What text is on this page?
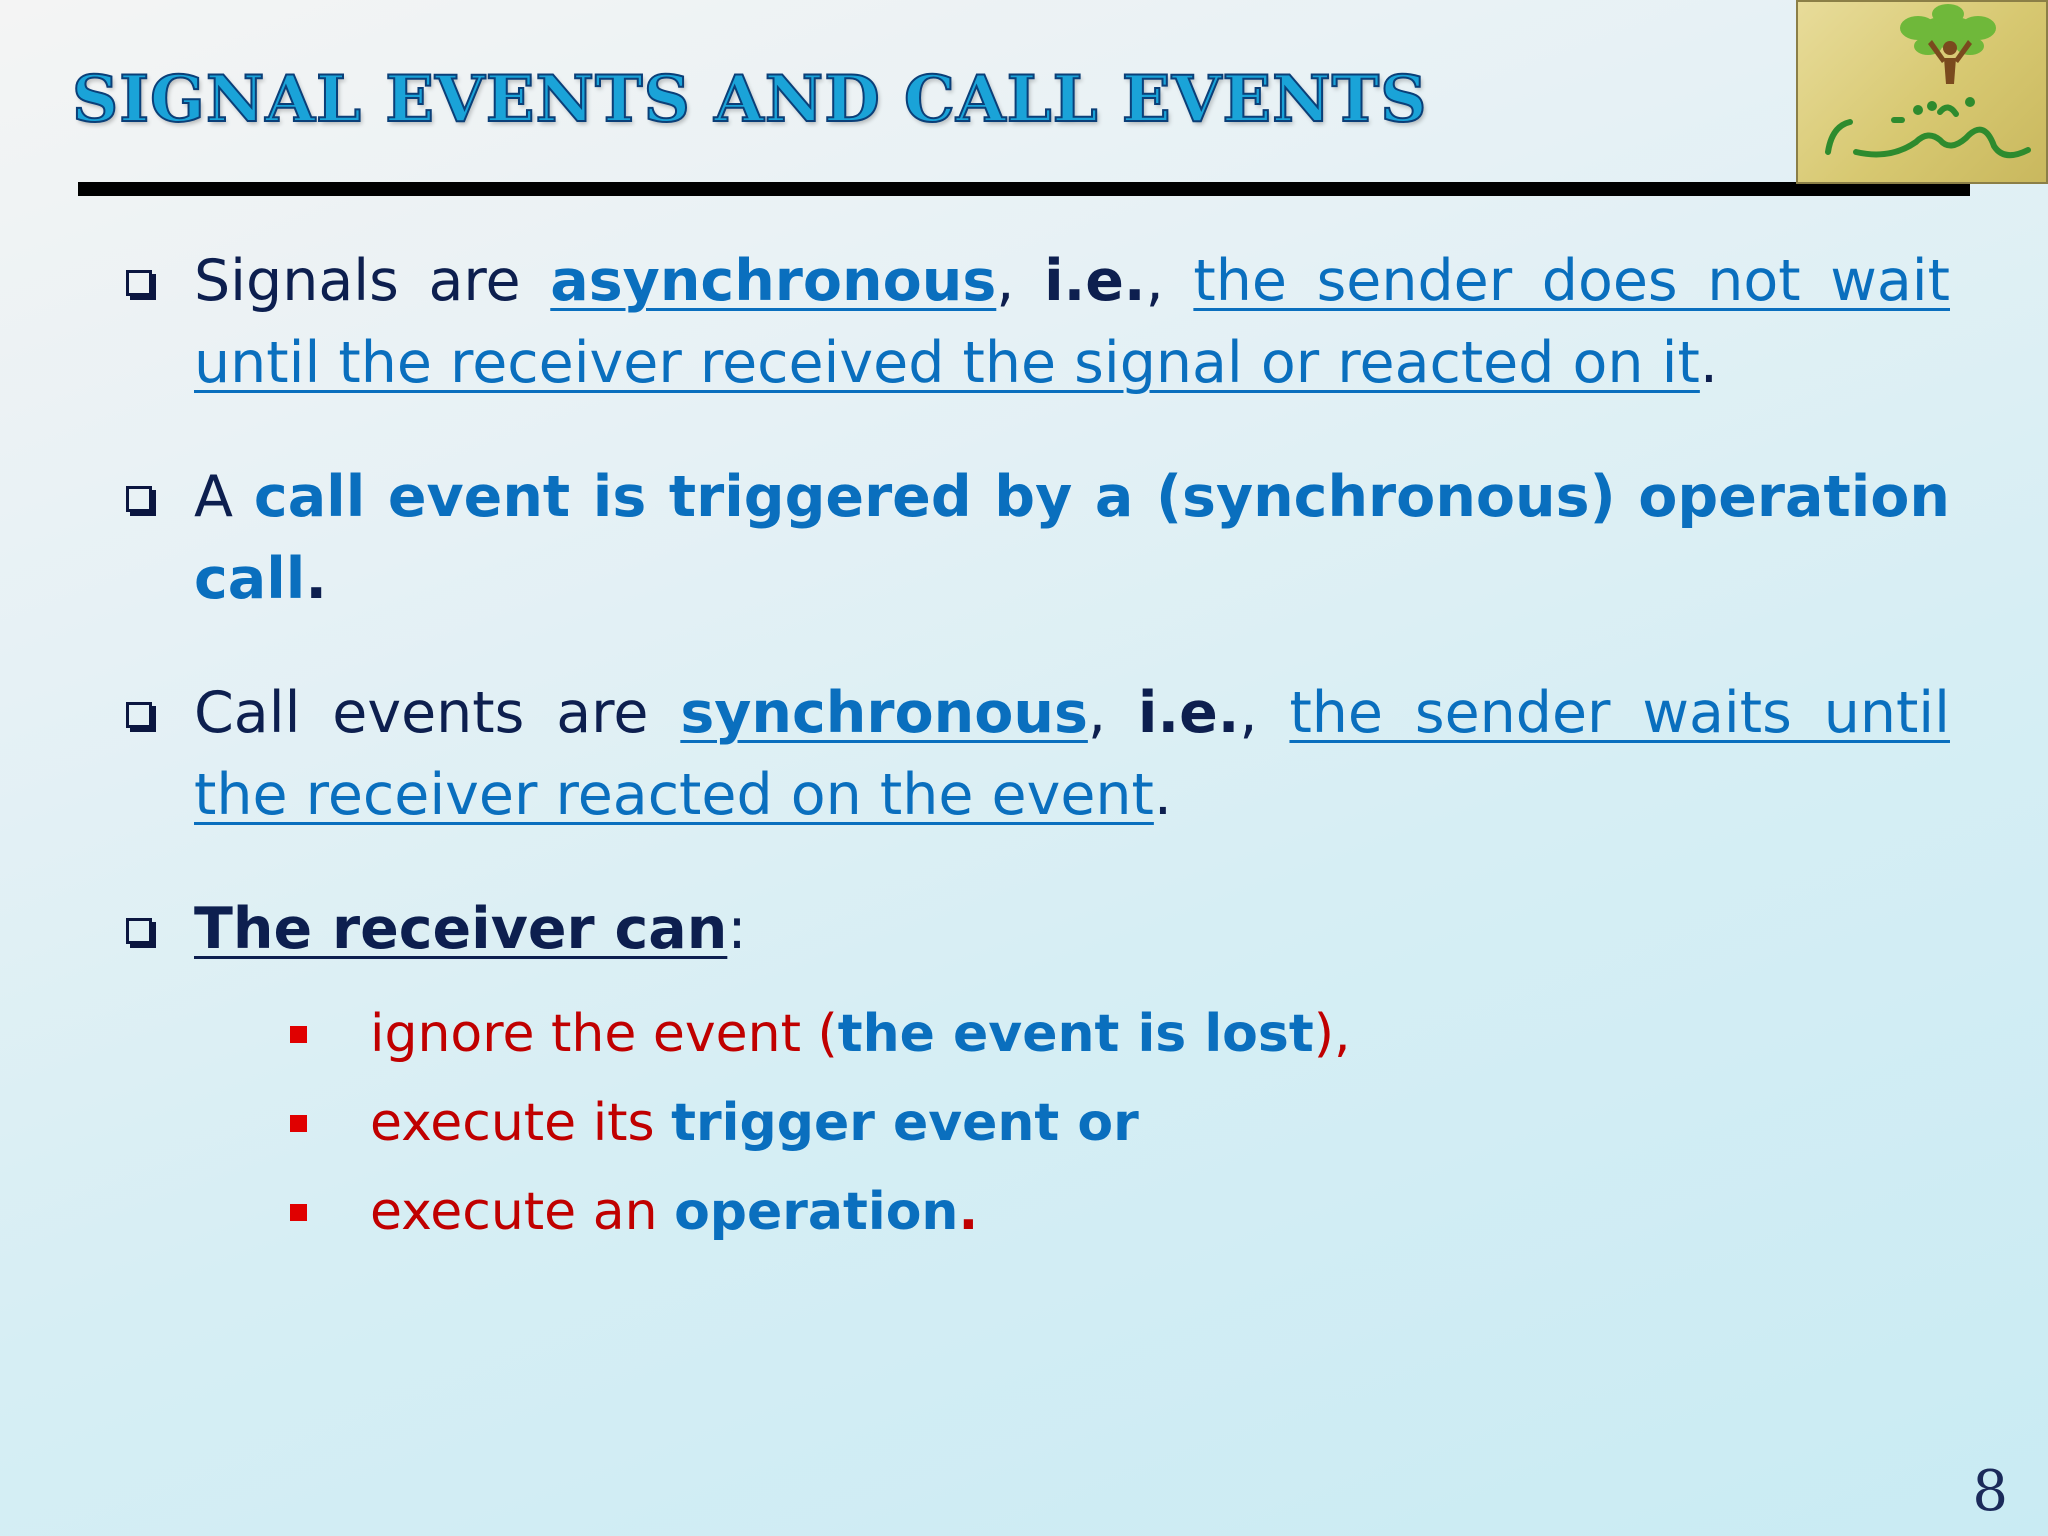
SIGNAL EVENTS AND CALL EVENTS
Signals are asynchronous, i.e., the sender does not wait until the receiver received the signal or reacted on it.
A call event is triggered by a (synchronous) operation call.
Call events are synchronous, i.e., the sender waits until the receiver reacted on the event.
The receiver can:
ignore the event (the event is lost),
execute its trigger event or
execute an operation.
8
